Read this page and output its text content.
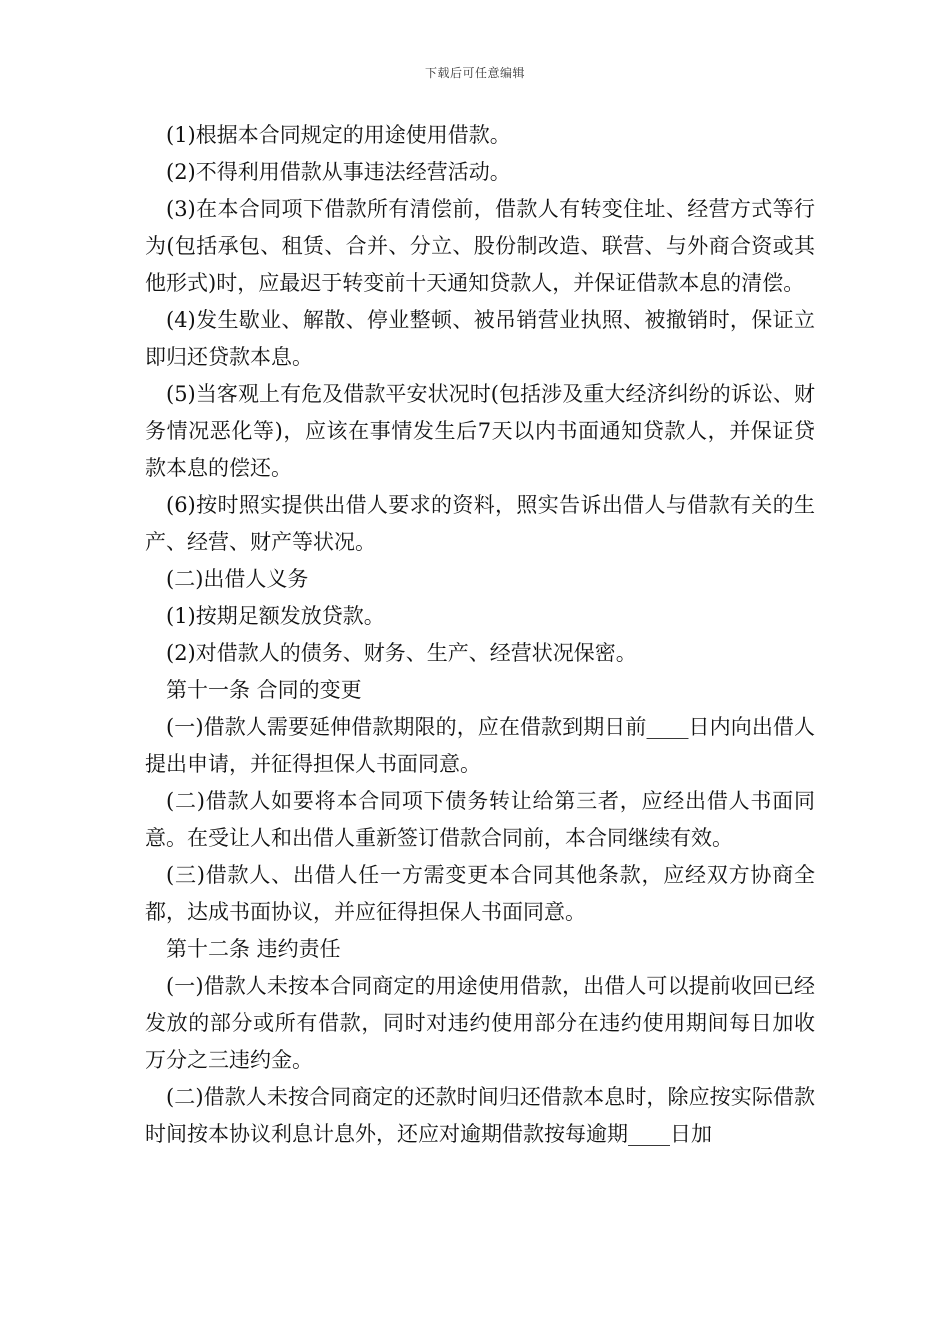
下载后可任意编辑

(1)根据本合同规定的用途使用借款。

(2)不得利用借款从事违法经营活动。

(3)在本合同项下借款所有清偿前，借款人有转变住址、经营方式等行为(包括承包、租赁、合并、分立、股份制改造、联营、与外商合资或其他形式)时，应最迟于转变前十天通知贷款人，并保证借款本息的清偿。

(4)发生歇业、解散、停业整顿、被吊销营业执照、被撤销时，保证立即归还贷款本息。

(5)当客观上有危及借款平安状况时(包括涉及重大经济纠纷的诉讼、财务情况恶化等)，应该在事情发生后7天以内书面通知贷款人，并保证贷款本息的偿还。

(6)按时照实提供出借人要求的资料，照实告诉出借人与借款有关的生产、经营、财产等状况。

(二)出借人义务

(1)按期足额发放贷款。

(2)对借款人的债务、财务、生产、经营状况保密。

第十一条 合同的变更

(一)借款人需要延伸借款期限的，应在借款到期日前____日内向出借人提出申请，并征得担保人书面同意。

(二)借款人如要将本合同项下债务转让给第三者，应经出借人书面同意。在受让人和出借人重新签订借款合同前，本合同继续有效。

(三)借款人、出借人任一方需变更本合同其他条款，应经双方协商全都，达成书面协议，并应征得担保人书面同意。

第十二条 违约责任

(一)借款人未按本合同商定的用途使用借款，出借人可以提前收回已经发放的部分或所有借款，同时对违约使用部分在违约使用期间每日加收万分之三违约金。

(二)借款人未按合同商定的还款时间归还借款本息时，除应按实际借款时间按本协议利息计息外，还应对逾期借款按每逾期____日加
